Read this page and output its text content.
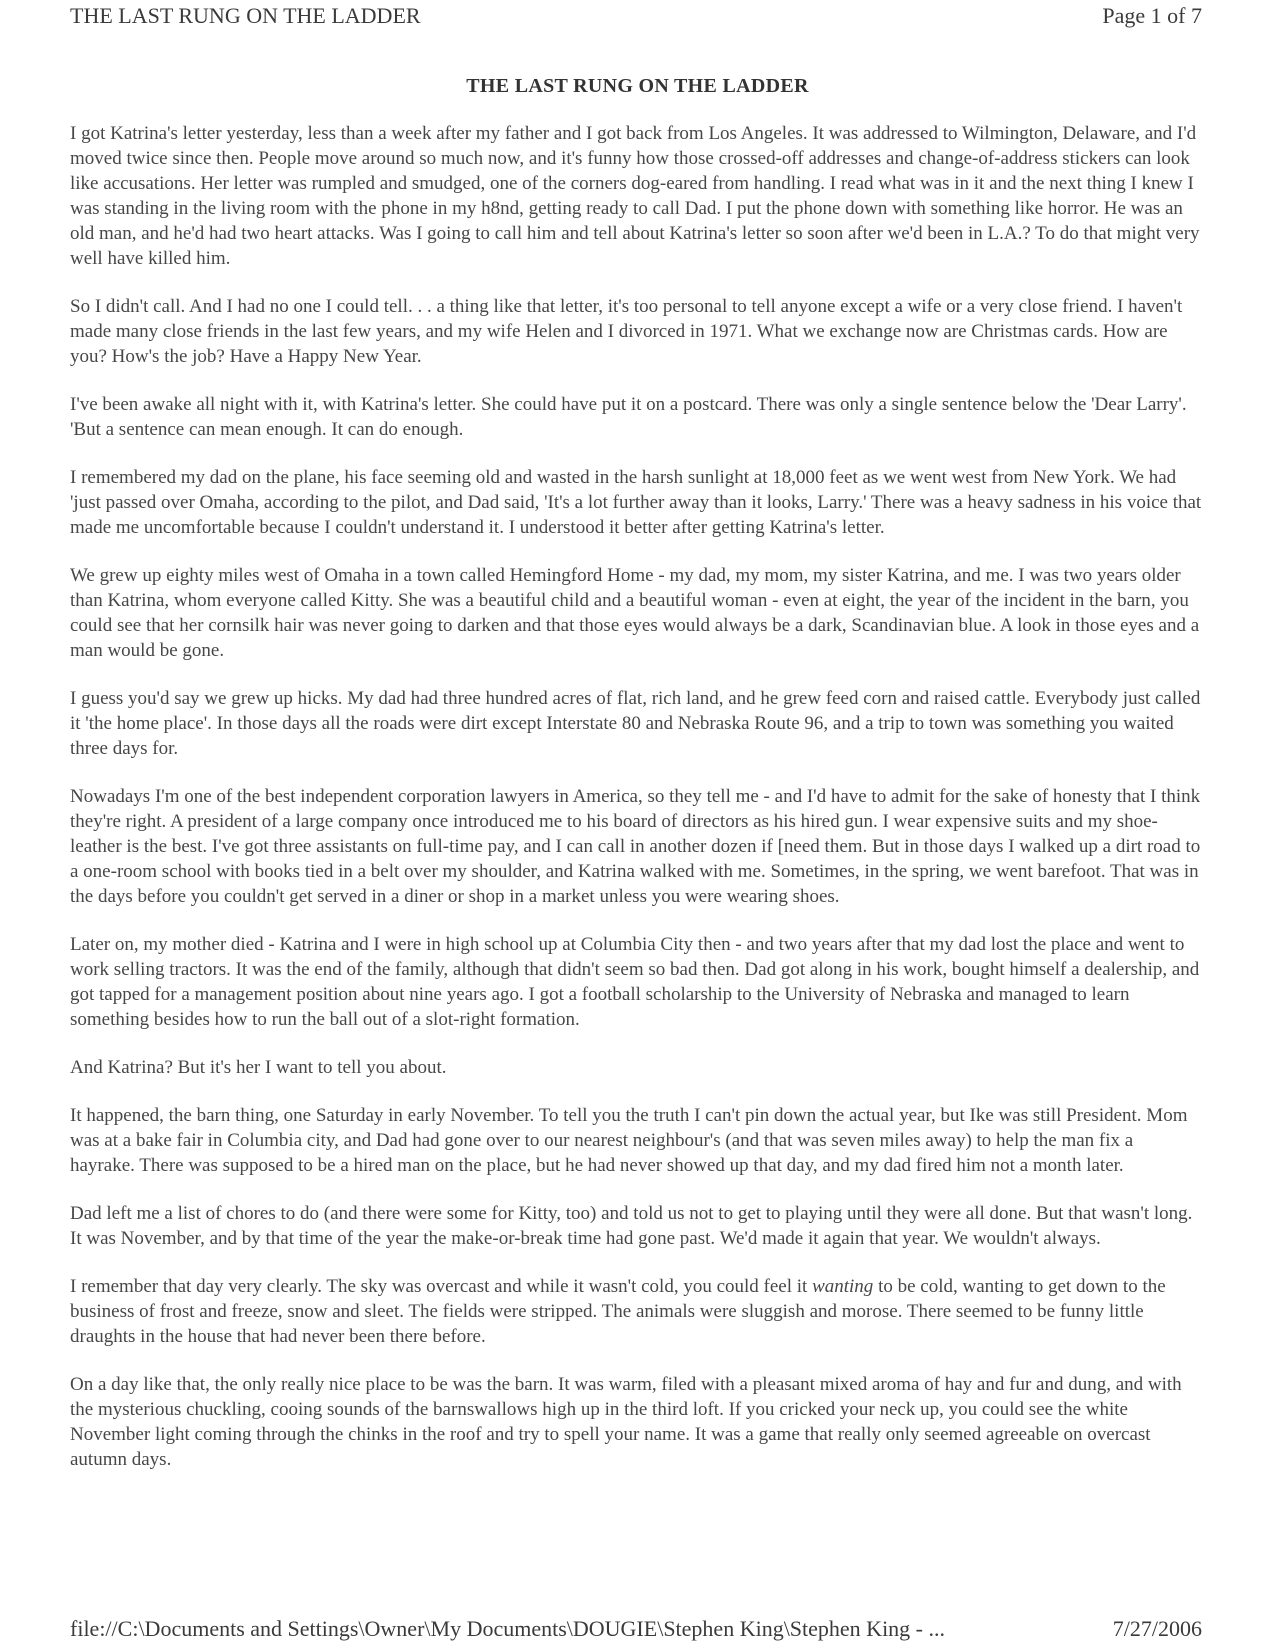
THE LAST RUNG ON THE LADDER	Page 1 of 7
THE LAST RUNG ON THE LADDER

I got Katrina's letter yesterday, less than a week after my father and I got back from Los Angeles. It was addressed to Wilmington, Delaware, and I'd moved twice since then. People move around so much now, and it's funny how those crossed-off addresses and change-of-address stickers can look like accusations. Her letter was rumpled and smudged, one of the corners dog-eared from handling. I read what was in it and the next thing I knew I was standing in the living room with the phone in my h8nd, getting ready to call Dad. I put the phone down with something like horror. He was an old man, and he'd had two heart attacks. Was I going to call him and tell about Katrina's letter so soon after we'd been in L.A.? To do that might very well have killed him.

So I didn't call. And I had no one I could tell. . . a thing like that letter, it's too personal to tell anyone except a wife or a very close friend. I haven't made many close friends in the last few years, and my wife Helen and I divorced in 1971. What we exchange now are Christmas cards. How are you? How's the job? Have a Happy New Year.

I've been awake all night with it, with Katrina's letter. She could have put it on a postcard. There was only a single sentence below the 'Dear Larry'. 'But a sentence can mean enough. It can do enough.

I remembered my dad on the plane, his face seeming old and wasted in the harsh sunlight at 18,000 feet as we went west from New York. We had 'just passed over Omaha, according to the pilot, and Dad said, 'It's a lot further away than it looks, Larry.' There was a heavy sadness in his voice that made me uncomfortable because I couldn't understand it. I understood it better after getting Katrina's letter.

We grew up eighty miles west of Omaha in a town called Hemingford Home - my dad, my mom, my sister Katrina, and me. I was two years older than Katrina, whom everyone called Kitty. She was a beautiful child and a beautiful woman - even at eight, the year of the incident in the barn, you could see that her cornsilk hair was never going to darken and that those eyes would always be a dark, Scandinavian blue. A look in those eyes and a man would be gone.

I guess you'd say we grew up hicks. My dad had three hundred acres of flat, rich land, and he grew feed corn and raised cattle. Everybody just called it 'the home place'. In those days all the roads were dirt except Interstate 80 and Nebraska Route 96, and a trip to town was something you waited three days for.

Nowadays I'm one of the best independent corporation lawyers in America, so they tell me - and I'd have to admit for the sake of honesty that I think they're right. A president of a large company once introduced me to his board of directors as his hired gun. I wear expensive suits and my shoe-leather is the best. I've got three assistants on full-time pay, and I can call in another dozen if [need them. But in those days I walked up a dirt road to a one-room school with books tied in a belt over my shoulder, and Katrina walked with me. Sometimes, in the spring, we went barefoot. That was in the days before you couldn't get served in a diner or shop in a market unless you were wearing shoes.

Later on, my mother died - Katrina and I were in high school up at Columbia City then - and two years after that my dad lost the place and went to work selling tractors. It was the end of the family, although that didn't seem so bad then. Dad got along in his work, bought himself a dealership, and got tapped for a management position about nine years ago. I got a football scholarship to the University of Nebraska and managed to learn something besides how to run the ball out of a slot-right formation.

And Katrina? But it's her I want to tell you about.

It happened, the barn thing, one Saturday in early November. To tell you the truth I can't pin down the actual year, but Ike was still President. Mom was at a bake fair in Columbia city, and Dad had gone over to our nearest neighbour's (and that was seven miles away) to help the man fix a hayrake. There was supposed to be a hired man on the place, but he had never showed up that day, and my dad fired him not a month later.

Dad left me a list of chores to do (and there were some for Kitty, too) and told us not to get to playing until they were all done. But that wasn't long. It was November, and by that time of the year the make-or-break time had gone past. We'd made it again that year. We wouldn't always.

I remember that day very clearly. The sky was overcast and while it wasn't cold, you could feel it wanting to be cold, wanting to get down to the business of frost and freeze, snow and sleet. The fields were stripped. The animals were sluggish and morose. There seemed to be funny little draughts in the house that had never been there before.

On a day like that, the only really nice place to be was the barn. It was warm, filed with a pleasant mixed aroma of hay and fur and dung, and with the mysterious chuckling, cooing sounds of the barnswallows high up in the third loft. If you cricked your neck up, you could see the white November light coming through the chinks in the roof and try to spell your name. It was a game that really only seemed agreeable on overcast autumn days.

file://C:\Documents and Settings\Owner\My Documents\DOUGIE\Stephen King\Stephen King - ...	7/27/2006
